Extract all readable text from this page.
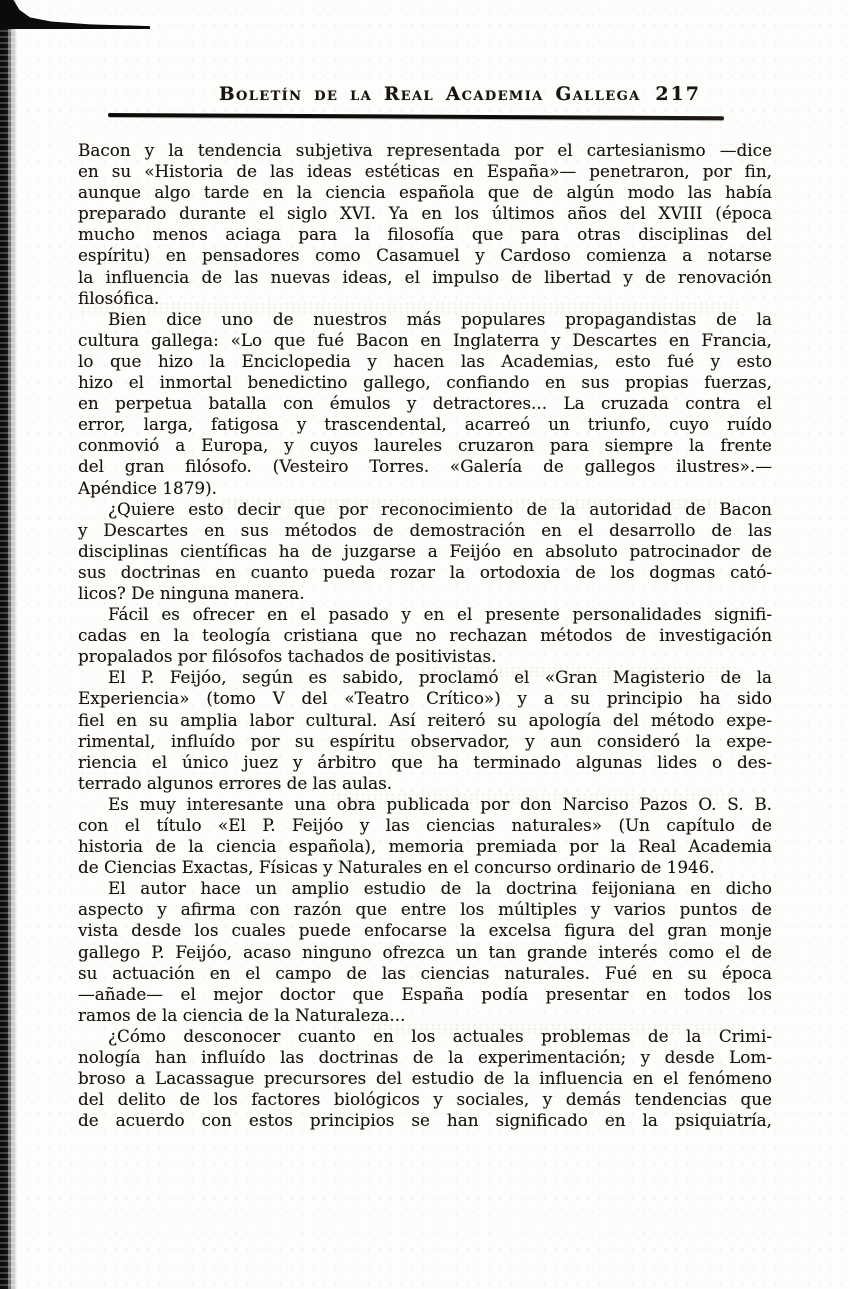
Boletín de la Real Academia Gallega 217
Bacon y la tendencia subjetiva representada por el cartesianismo —dice
en su «Historia de las ideas estéticas en España»— penetraron, por fin,
aunque algo tarde en la ciencia española que de algún modo las había
preparado durante el siglo XVI. Ya en los últimos años del XVIII (época
mucho menos aciaga para la filosofía que para otras disciplinas del
espíritu) en pensadores como Casamuel y Cardoso comienza a notarse
la influencia de las nuevas ideas, el impulso de libertad y de renovación
filosófica.
Bien dice uno de nuestros más populares propagandistas de la
cultura gallega: «Lo que fué Bacon en Inglaterra y Descartes en Francia,
lo que hizo la Enciclopedia y hacen las Academias, esto fué y esto
hizo el inmortal benedictino gallego, confiando en sus propias fuerzas,
en perpetua batalla con émulos y detractores... La cruzada contra el
error, larga, fatigosa y trascendental, acarreó un triunfo, cuyo ruído
conmovió a Europa, y cuyos laureles cruzaron para siempre la frente
del gran filósofo. (Vesteiro Torres. «Galería de gallegos ilustres».—
Apéndice 1879).
¿Quiere esto decir que por reconocimiento de la autoridad de Bacon
y Descartes en sus métodos de demostración en el desarrollo de las
disciplinas científicas ha de juzgarse a Feijóo en absoluto patrocinador de
sus doctrinas en cuanto pueda rozar la ortodoxia de los dogmas cató-
licos? De ninguna manera.
Fácil es ofrecer en el pasado y en el presente personalidades signifi-
cadas en la teología cristiana que no rechazan métodos de investigación
propalados por filósofos tachados de positivistas.
El P. Feijóo, según es sabido, proclamó el «Gran Magisterio de la
Experiencia» (tomo V del «Teatro Crítico») y a su principio ha sido
fiel en su amplia labor cultural. Así reiteró su apología del método expe-
rimental, influído por su espíritu observador, y aun consideró la expe-
riencia el único juez y árbitro que ha terminado algunas lides o des-
terrado algunos errores de las aulas.
Es muy interesante una obra publicada por don Narciso Pazos O. S. B.
con el título «El P. Feijóo y las ciencias naturales» (Un capítulo de
historia de la ciencia española), memoria premiada por la Real Academia
de Ciencias Exactas, Físicas y Naturales en el concurso ordinario de 1946.
El autor hace un amplio estudio de la doctrina feijoniana en dicho
aspecto y afirma con razón que entre los múltiples y varios puntos de
vista desde los cuales puede enfocarse la excelsa figura del gran monje
gallego P. Feijóo, acaso ninguno ofrezca un tan grande interés como el de
su actuación en el campo de las ciencias naturales. Fué en su época
—añade— el mejor doctor que España podía presentar en todos los
ramos de la ciencia de la Naturaleza...
¿Cómo desconocer cuanto en los actuales problemas de la Crimi-
nología han influído las doctrinas de la experimentación; y desde Lom-
broso a Lacassague precursores del estudio de la influencia en el fenómeno
del delito de los factores biológicos y sociales, y demás tendencias que
de acuerdo con estos principios se han significado en la psiquiatría,
